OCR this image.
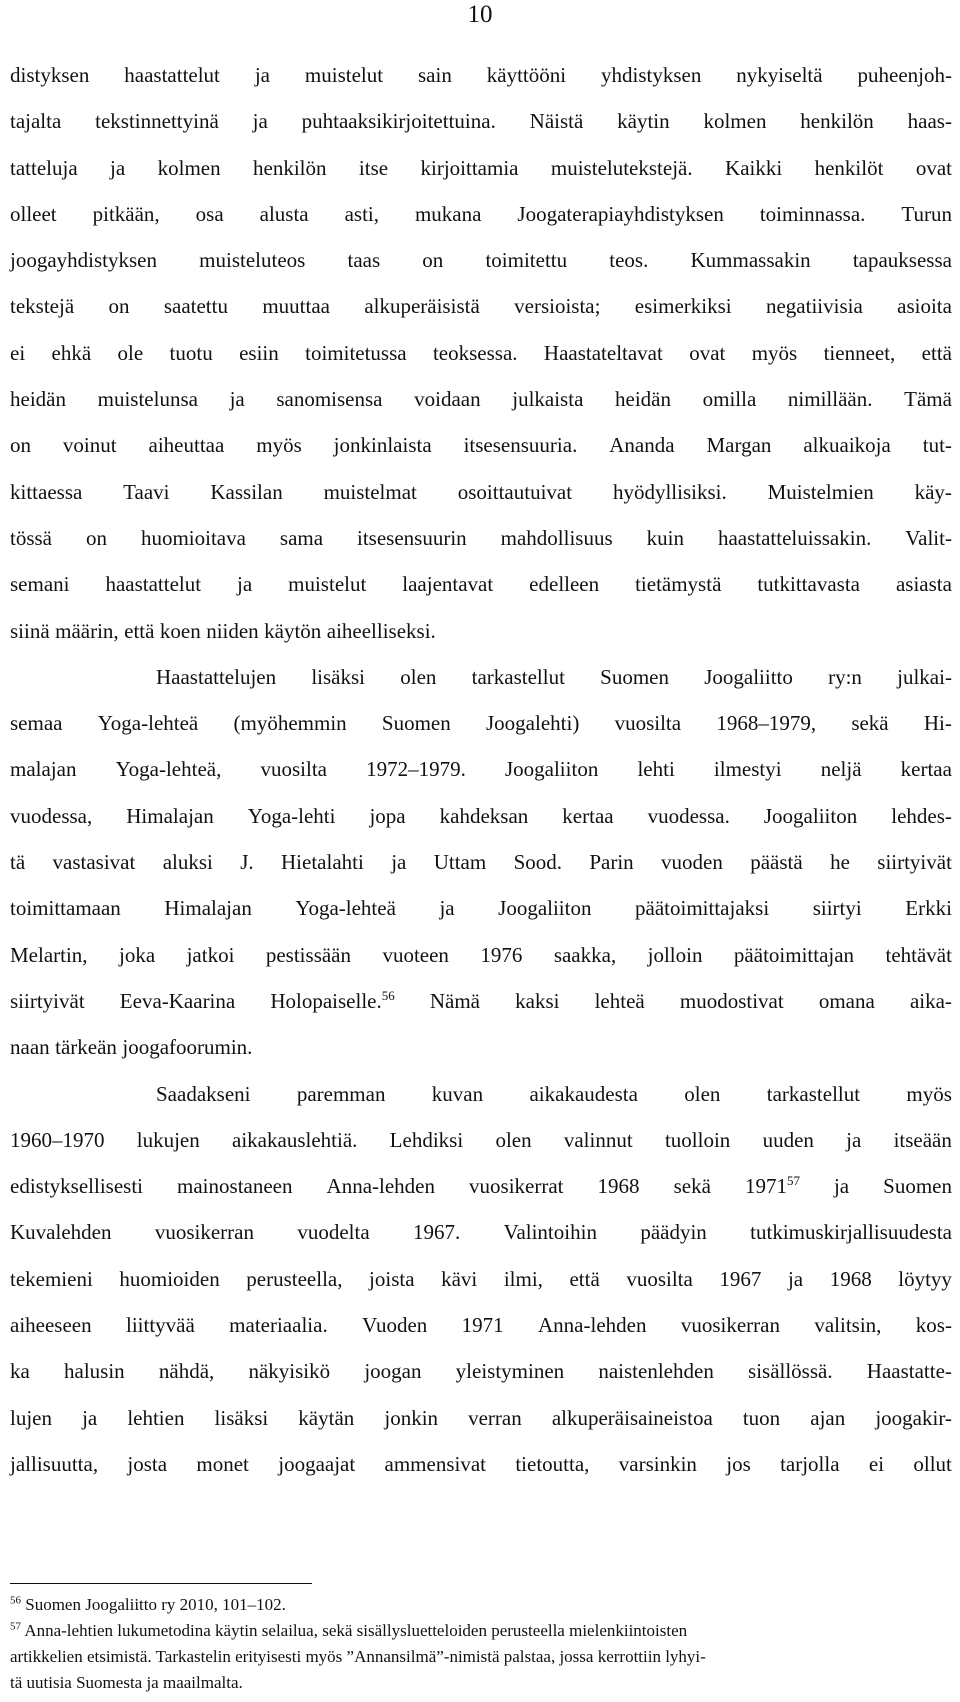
10
distyksen haastattelut ja muistelut sain käyttööni yhdistyksen nykyiseltä puheenjoh-
tajalta tekstinnettyinä ja puhtaaksikirjoitettuina. Näistä käytin kolmen henkilön haas-
tatteluja ja kolmen henkilön itse kirjoittamia muistelutekstejä. Kaikki henkilöt ovat
olleet pitkään, osa alusta asti, mukana Joogaterapiayhdistyksen toiminnassa. Turun
joogayhdistyksen muisteluteos taas on toimitettu teos. Kummassakin tapauksessa
tekstejä on saatettu muuttaa alkuperäisistä versioista; esimerkiksi negatiivisia asioita
ei ehkä ole tuotu esiin toimitetussa teoksessa. Haastateltavat ovat myös tienneet, että
heidän muistelunsa ja sanomisensa voidaan julkaista heidän omilla nimillään. Tämä
on voinut aiheuttaa myös jonkinlaista itsesensuuria. Ananda Margan alkuaikoja tut-
kittaessa Taavi Kassilan muistelmat osoittautuivat hyödyllisiksi. Muistelmien käy-
tössä on huomioitava sama itsesensuurin mahdollisuus kuin haastatteluissakin. Valit-
semani haastattelut ja muistelut laajentavat edelleen tietämystä tutkittavasta asiasta
siinä määrin, että koen niiden käytön aiheelliseksi.
Haastattelujen lisäksi olen tarkastellut Suomen Joogaliitto ry:n julkai-
semaa Yoga-lehteä (myöhemmin Suomen Joogalehti) vuosilta 1968–1979, sekä Hi-
malajan Yoga-lehteä, vuosilta 1972–1979. Joogaliiton lehti ilmestyi neljä kertaa
vuodessa, Himalajan Yoga-lehti jopa kahdeksan kertaa vuodessa. Joogaliiton lehdes-
tä vastasivat aluksi J. Hietalahti ja Uttam Sood. Parin vuoden päästä he siirtyivät
toimittamaan Himalajan Yoga-lehteä ja Joogaliiton päätoimittajaksi siirtyi Erkki
Melartin, joka jatkoi pestissään vuoteen 1976 saakka, jolloin päätoimittajan tehtävät
siirtyivät Eeva-Kaarina Holopaiselle.$^{56}$ Nämä kaksi lehteä muodostivat omana aika-
naan tärkeän joogafoorumin.
Saadakseni paremman kuvan aikakaudesta olen tarkastellut myös
1960–1970 lukujen aikakauslehtiä. Lehdiksi olen valinnut tuolloin uuden ja itseään
edistyksellisesti mainostaneen Anna-lehden vuosikerrat 1968 sekä 1971$^{57}$ ja Suomen
Kuvalehden vuosikerran vuodelta 1967. Valintoihin päädyin tutkimuskirjallisuudesta
tekemieni huomioiden perusteella, joista kävi ilmi, että vuosilta 1967 ja 1968 löytyy
aiheeseen liittyvää materiaalia. Vuoden 1971 Anna-lehden vuosikerran valitsin, kos-
ka halusin nähdä, näkyisikö joogan yleistyminen naistenlehden sisällössä. Haastatte-
lujen ja lehtien lisäksi käytän jonkin verran alkuperäisaineistoa tuon ajan joogakir-
jallisuutta, josta monet joogaajat ammensivat tietoutta, varsinkin jos tarjolla ei ollut
$^{56}$ Suomen Joogaliitto ry 2010, 101–102.
$^{57}$ Anna-lehtien lukumetodina käytin selailua, sekä sisällysluetteloiden perusteella mielenkiintoisten
artikkelien etsimistä. Tarkastelin erityisesti myös ”Annansilmä”-nimistä palstaa, jossa kerrottiin lyhyi-
tä uutisia Suomesta ja maailmalta.
